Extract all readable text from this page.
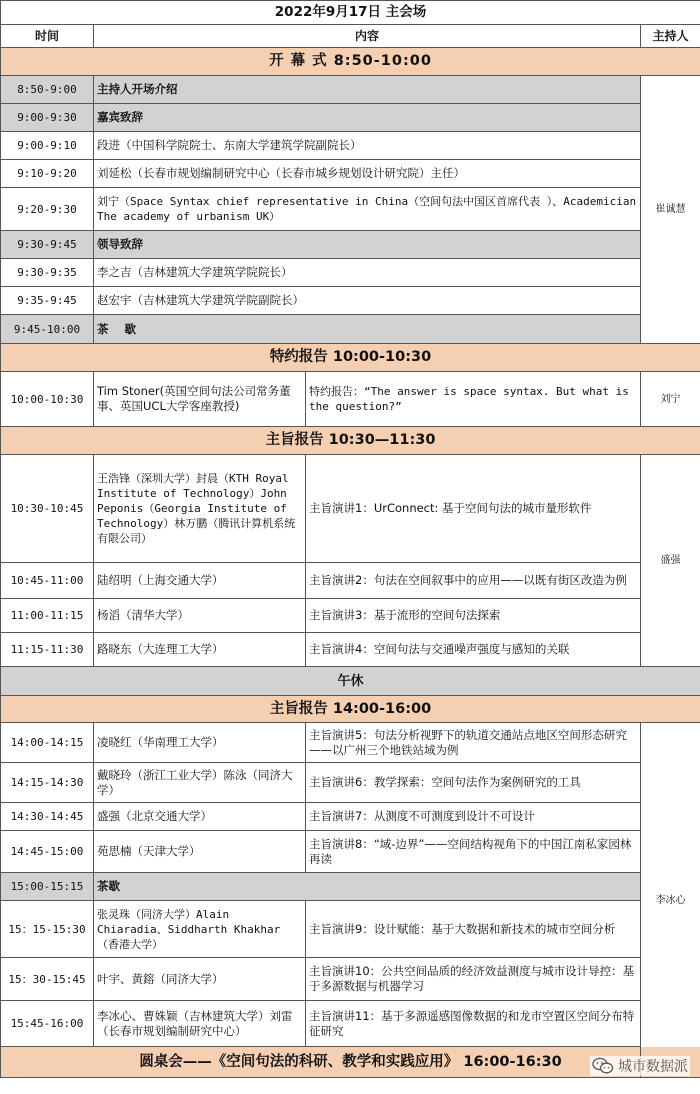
2022年9月17日 主会场			
时间	内容		主持人
开 幕 式 8:50-10:00			
8:50-9:00	主持人开场介绍		崔诚慧
9:00-9:30	嘉宾致辞		
9:00-9:10	段进（中国科学院院士、东南大学建筑学院副院长）		
9:10-9:20	刘延松（长春市规划编制研究中心（长春市城乡规划设计研究院）主任）		
9:20-9:30	刘宁（Space Syntax chief representative in China（空间句法中国区首席代表 ）、Academician The academy of urbanism UK）		
9:30-9:45	领导致辞		
9:30-9:35	李之吉（吉林建筑大学建筑学院院长）		
9:35-9:45	赵宏宇（吉林建筑大学建筑学院副院长）		
9:45-10:00	茶    歇		
特约报告 10:00-10:30			
10:00-10:30	Tim Stoner(英国空间句法公司常务董事、英国UCL大学客座教授)	特约报告：“The answer is space syntax. But what is the question?”	刘宁
主旨报告 10:30—11:30			
10:30-10:45	王浩锋（深圳大学）封晨（KTH Royal Institute of Technology）John Peponis（Georgia Institute of Technology）林万鹏（腾讯计算机系统有限公司）	主旨演讲1：UrConnect: 基于空间句法的城市量形软件	盛强
10:45-11:00	陆绍明（上海交通大学）	主旨演讲2：句法在空间叙事中的应用——以既有街区改造为例	
11:00-11:15	杨滔（清华大学）	主旨演讲3：基于流形的空间句法探索	
11:15-11:30	路晓东（大连理工大学）	主旨演讲4：空间句法与交通噪声强度与感知的关联	
午休			
主旨报告 14:00-16:00			
14:00-14:15	凌晓红（华南理工大学）	主旨演讲5：句法分析视野下的轨道交通站点地区空间形态研究——以广州三个地铁站域为例	李冰心
14:15-14:30	戴晓玲（浙江工业大学）陈泳（同济大学）	主旨演讲6：教学探索：空间句法作为案例研究的工具	
14:30-14:45	盛强（北京交通大学）	主旨演讲7：从测度不可测度到设计不可设计	
14:45-15:00	苑思楠（天津大学）	主旨演讲8：“域-边界”——空间结构视角下的中国江南私家园林再读	
15:00-15:15	茶歇		
15：15-15:30	张灵珠（同济大学）Alain Chiaradia、Siddharth Khakhar（香港大学）	主旨演讲9：设计赋能：基于大数据和新技术的城市空间分析	
15：30-15:45	叶宇、黄鎔（同济大学）	主旨演讲10：公共空间品质的经济效益测度与城市设计导控：基于多源数据与机器学习	
15:45-16:00	李冰心、曹姝颖（吉林建筑大学）刘雷（长春市规划编制研究中心）	主旨演讲11：基于多源遥感图像数据的和龙市空置区空间分布特征研究	
圆桌会——《空间句法的科研、教学和实践应用》 16:00-16:30				城市数据派
